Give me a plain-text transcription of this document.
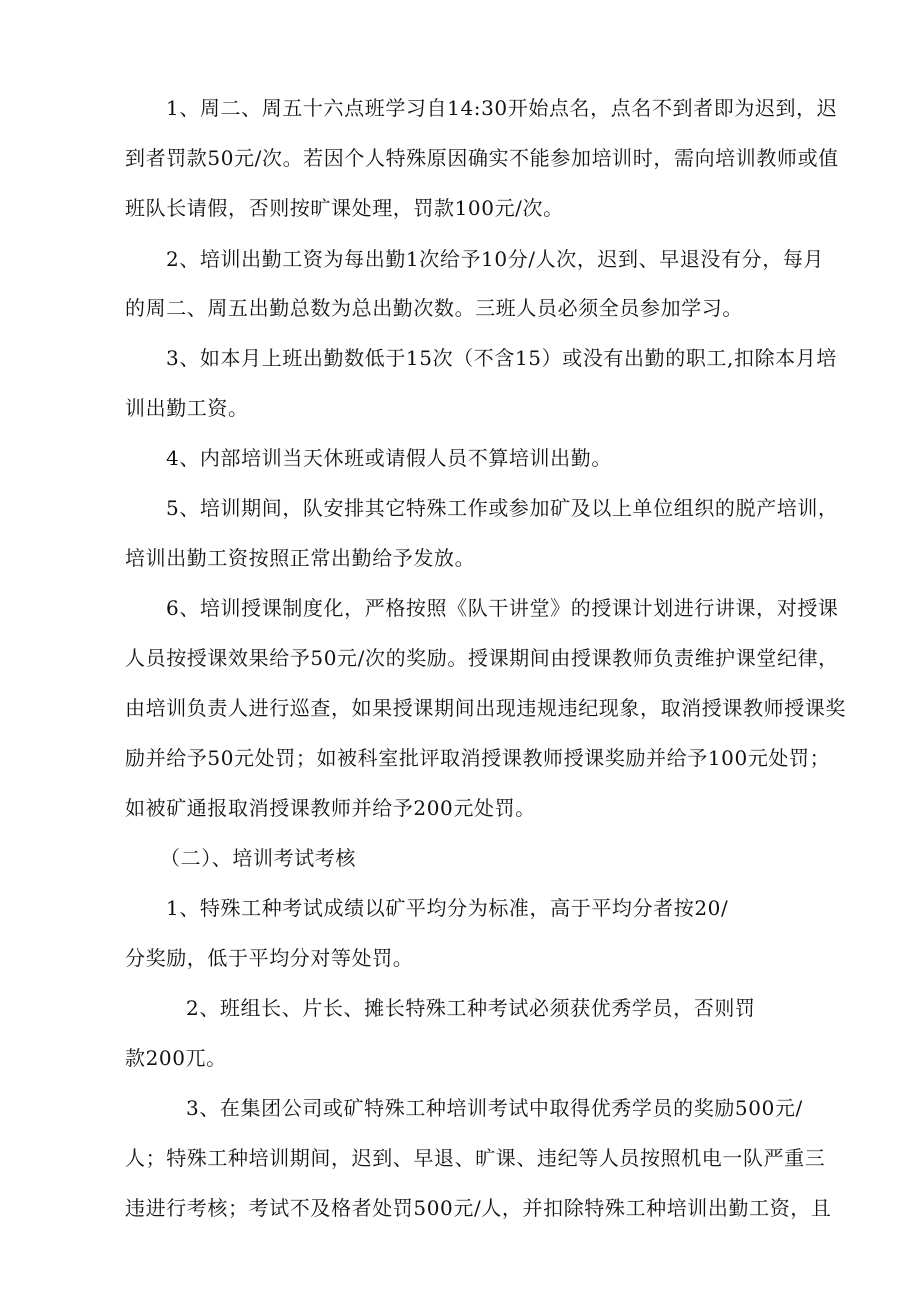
1、周二、周五十六点班学习自14:30开始点名，点名不到者即为迟到，迟
到者罚款50元/次。若因个人特殊原因确实不能参加培训时，需向培训教师或值
班队长请假，否则按旷课处理，罚款100元/次。
2、培训出勤工资为每出勤1次给予10分/人次，迟到、早退没有分，每月
的周二、周五出勤总数为总出勤次数。三班人员必须全员参加学习。
3、如本月上班出勤数低于15次（不含15）或没有出勤的职工,扣除本月培
训出勤工资。
4、内部培训当天休班或请假人员不算培训出勤。
5、培训期间，队安排其它特殊工作或参加矿及以上单位组织的脱产培训，
培训出勤工资按照正常出勤给予发放。
6、培训授课制度化，严格按照《队干讲堂》的授课计划进行讲课，对授课
人员按授课效果给予50元/次的奖励。授课期间由授课教师负责维护课堂纪律，
由培训负责人进行巡查，如果授课期间出现违规违纪现象，取消授课教师授课奖
励并给予50元处罚；如被科室批评取消授课教师授课奖励并给予100元处罚；
如被矿通报取消授课教师并给予200元处罚。
（二）、培训考试考核
1、特殊工种考试成绩以矿平均分为标准，高于平均分者按20/
分奖励，低于平均分对等处罚。
2、班组长、片长、摊长特殊工种考试必须获优秀学员，否则罚
款200兀。
3、在集团公司或矿特殊工种培训考试中取得优秀学员的奖励500元/
人；特殊工种培训期间，迟到、早退、旷课、违纪等人员按照机电一队严重三
违进行考核；考试不及格者处罚500元/人，并扣除特殊工种培训出勤工资，且
